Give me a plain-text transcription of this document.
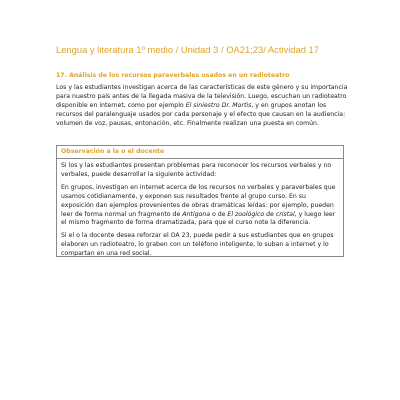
Lengua y literatura 1º medio / Unidad 3 / OA21;23/ Actividad 17
17. Análisis de los recursos paraverbales usados en un radioteatro
Los y las estudiantes investigan acerca de las características de este género y su importancia para nuestro país antes de la llegada masiva de la televisión. Luego, escuchan un radioteatro disponible en internet, como por ejemplo El siniestro Dr. Mortis, y en grupos anotan los recursos del paralenguaje usados por cada personaje y el efecto que causan en la audiencia: volumen de voz, pausas, entonación, etc. Finalmente realizan una puesta en común.
Observación a la o el docente

Si los y las estudiantes presentan problemas para reconocer los recursos verbales y no verbales, puede desarrollar la siguiente actividad:

En grupos, investigan en internet acerca de los recursos no verbales y paraverbales que usamos cotidianamente, y exponen sus resultados frente al grupo curso. En su exposición dan ejemplos provenientes de obras dramáticas leídas: por ejemplo, pueden leer de forma normal un fragmento de Antígona o de El zoológico de cristal, y luego leer el mismo fragmento de forma dramatizada, para que el curso note la diferencia.

Si el o la docente desea reforzar el OA 23, puede pedir a sus estudiantes que en grupos elaboren un radioteatro, lo graben con un teléfono inteligente, lo suban a internet y lo compartan en una red social.
